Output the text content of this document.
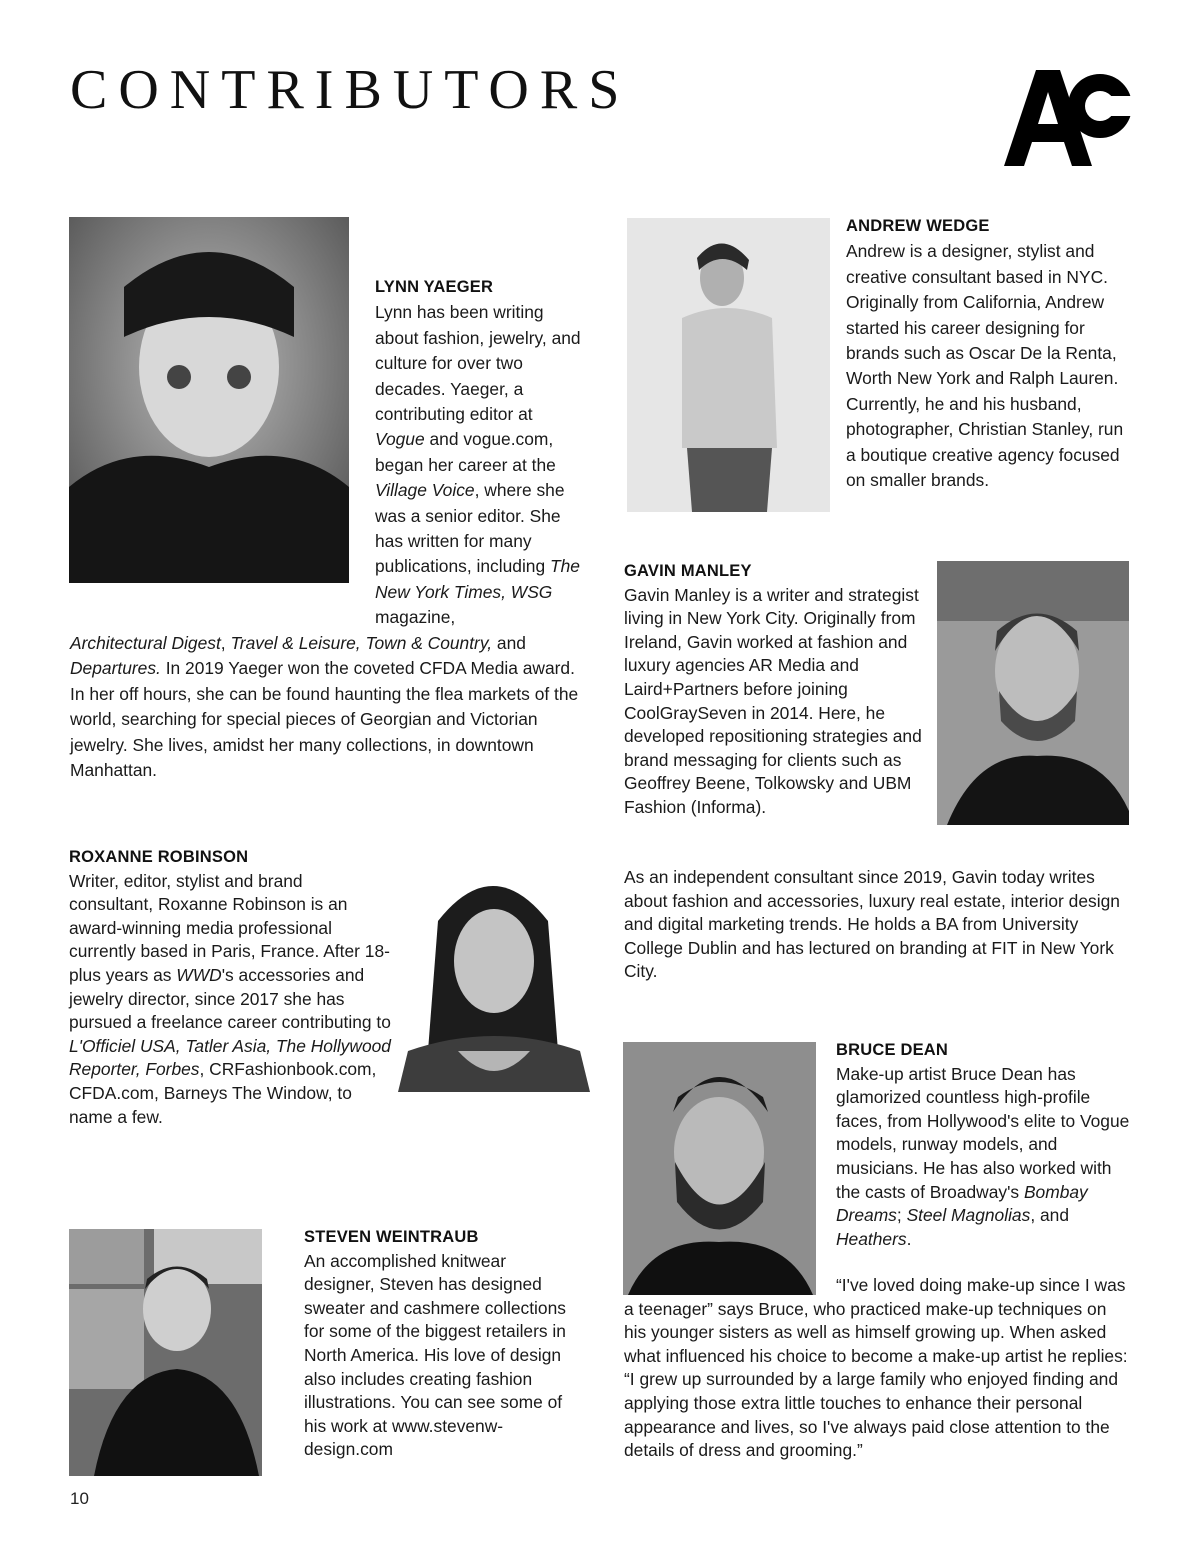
CONTRIBUTORS
LYNN YAEGER
Lynn has been writing about fashion, jewelry, and culture for over two decades. Yaeger, a contributing editor at Vogue and vogue.com, began her career at the Village Voice, where she was a senior editor. She has written for many publications, including The New York Times, WSG magazine,
Architectural Digest, Travel & Leisure, Town & Country, and Departures. In 2019 Yaeger won the coveted CFDA Media award. In her off hours, she can be found haunting the flea markets of the world, searching for special pieces of Georgian and Victorian jewelry. She lives, amidst her many collections, in downtown Manhattan.
ANDREW WEDGE
Andrew is a designer, stylist and creative consultant based in NYC. Originally from California, Andrew started his career designing for brands such as Oscar De la Renta, Worth New York and Ralph Lauren. Currently, he and his husband, photographer, Christian Stanley, run a boutique creative agency focused on smaller brands.
GAVIN MANLEY
Gavin Manley is a writer and strategist living in New York City. Originally from Ireland, Gavin worked at fashion and luxury agencies AR Media and Laird+Partners before joining CoolGraySeven in 2014. Here, he developed repositioning strategies and brand messaging for clients such as Geoffrey Beene, Tolkowsky and UBM Fashion (Informa).
As an independent consultant since 2019, Gavin today writes about fashion and accessories, luxury real estate, interior design and digital marketing trends. He holds a BA from University College Dublin and has lectured on branding at FIT in New York City.
ROXANNE ROBINSON
Writer, editor, stylist and brand consultant, Roxanne Robinson is an award-winning media professional currently based in Paris, France. After 18-plus years as WWD's accessories and jewelry director, since 2017 she has pursued a freelance career contributing to L'Officiel USA, Tatler Asia, The Hollywood Reporter, Forbes, CRFashionbook.com, CFDA.com, Barneys The Window, to name a few.
BRUCE DEAN
Make-up artist Bruce Dean has glamorized countless high-profile faces, from Hollywood's elite to Vogue models, runway models, and musicians. He has also worked with the casts of Broadway's Bombay Dreams; Steel Magnolias, and Heathers.
“I've loved doing make-up since I was a teenager” says Bruce, who practiced make-up techniques on his younger sisters as well as himself growing up. When asked what influenced his choice to become a make-up artist he replies: “I grew up surrounded by a large family who enjoyed finding and applying those extra little touches to enhance their personal appearance and lives, so I've always paid close attention to the details of dress and grooming.”
STEVEN WEINTRAUB
An accomplished knitwear designer, Steven has designed sweater and cashmere collections for some of the biggest retailers in North America. His love of design also includes creating fashion illustrations. You can see some of his work at www.stevenw-design.com
10
